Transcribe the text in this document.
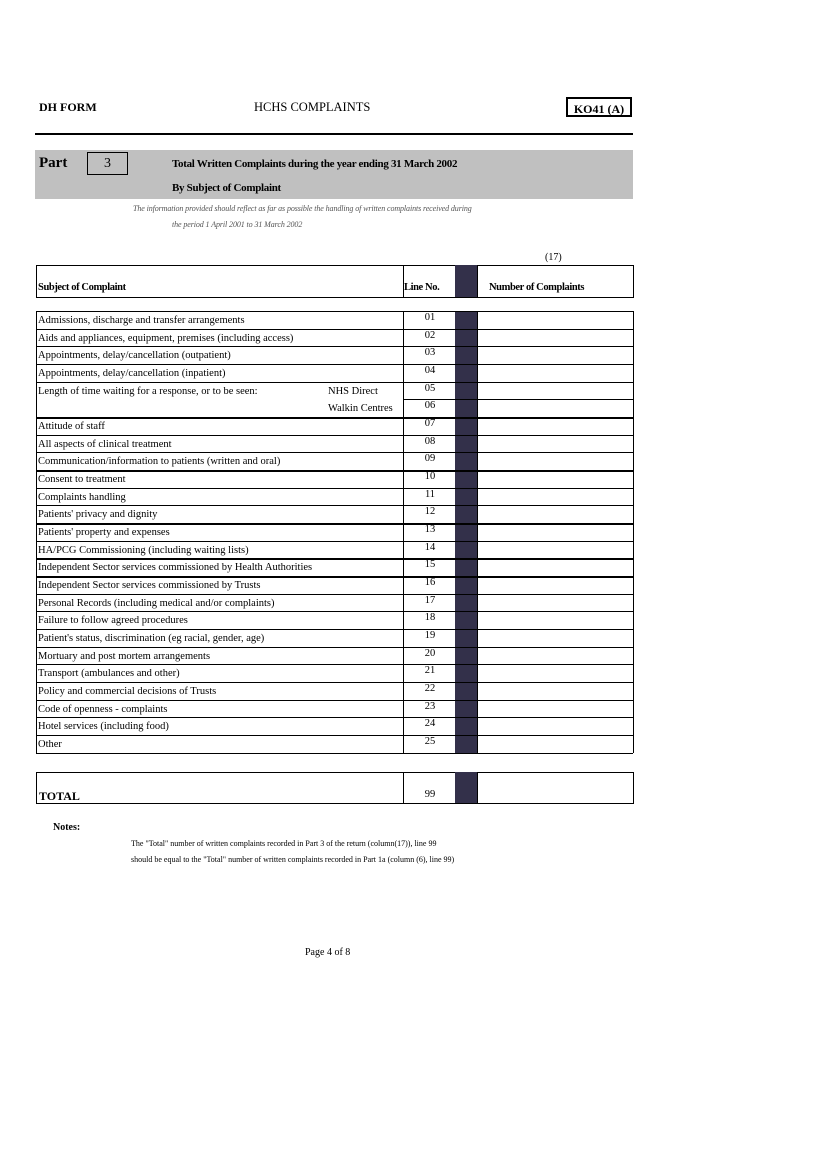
DH FORM	HCHS COMPLAINTS	KO41 (A)
Part	3	Total Written Complaints during the year ending 31 March 2002
By Subject of Complaint
The information provided should reflect as far as possible the handling of written complaints received during
the period 1 April 2001 to 31 March 2002
(17)
Subject of Complaint	Line No.	Number of Complaints
Admissions, discharge and transfer arrangements	01
Aids and appliances, equipment, premises (including access)	02
Appointments, delay/cancellation (outpatient)	03
Appointments, delay/cancellation (inpatient)	04
Length of time waiting for a response, or to be seen:	NHS Direct	05
Walkin Centres	06
Attitude of staff	07
All aspects of clinical treatment	08
Communication/information to patients (written and oral)	09
Consent to treatment	10
Complaints handling	11
Patients' privacy and dignity	12
Patients' property and expenses	13
HA/PCG Commissioning (including waiting lists)	14
Independent Sector services commissioned by Health Authorities	15
Independent Sector services commissioned by Trusts	16
Personal Records (including medical and/or complaints)	17
Failure to follow agreed procedures	18
Patient's status, discrimination (eg racial, gender, age)	19
Mortuary and post mortem arrangements	20
Transport (ambulances and other)	21
Policy and commercial decisions of Trusts	22
Code of openness - complaints	23
Hotel services (including food)	24
Other	25
TOTAL	99
Notes:
The "Total" number of written complaints recorded in Part 3 of the return (column(17)), line 99
should be equal to the "Total" number of written complaints recorded in Part 1a (column (6), line 99)
Page 4 of 8
